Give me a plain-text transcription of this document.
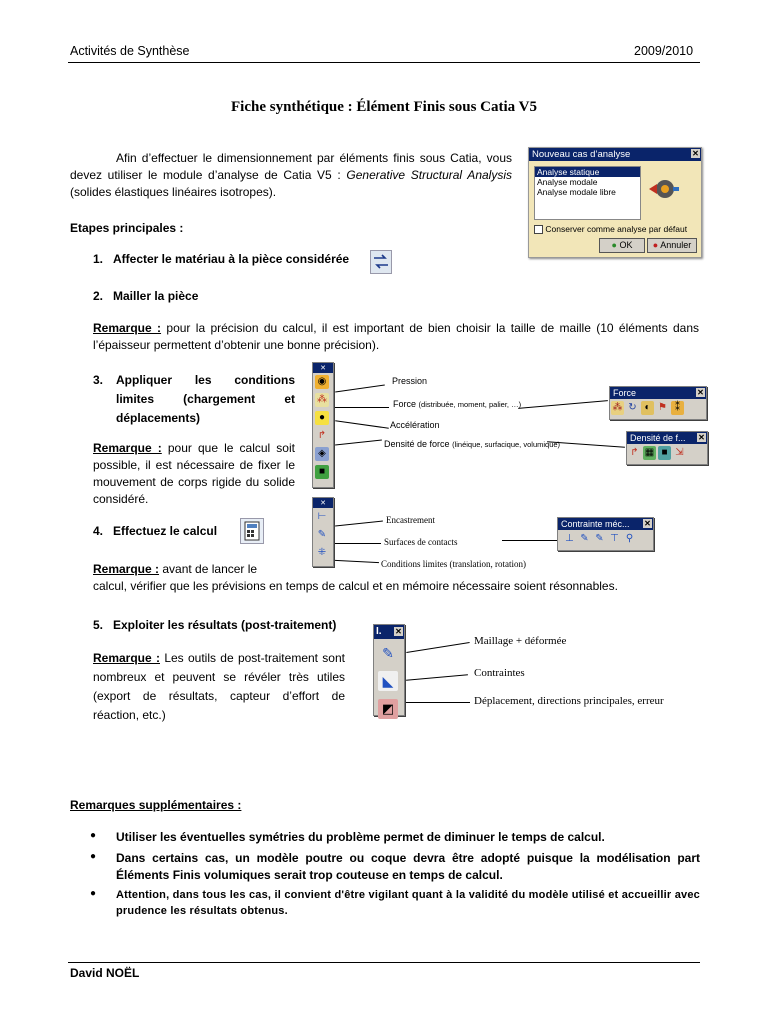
Activités de Synthèse	2009/2010
Fiche synthétique : Élément Finis sous Catia V5
Afin d’effectuer le dimensionnement par éléments finis sous Catia, vous devez utiliser le module d’analyse de Catia V5 : Generative Structural Analysis (solides élastiques linéaires isotropes).
Nouveau cas d’analyse	✕
Analyse statique
Analyse modale
Analyse modale libre
Conserver comme analyse par défaut
● OK	● Annuler
Etapes principales :
1. Affecter le matériau à la pièce considérée
2. Mailler la pièce
Remarque : pour la précision du calcul, il est important de bien choisir la taille de maille (10 éléments dans l’épaisseur permettent d’obtenir une bonne précision).
3.	Appliquer les conditions limites (chargement et déplacements)
Remarque : pour que le calcul soit possible, il est nécessaire de fixer le mouvement de corps rigide du solide considéré.
✕
◉ ⁂ ● ↱ ◈ ■
Pression
Force (distribuée, moment, palier, …)
Accélération
Densité de force (linéique, surfacique, volumique)
Force	✕
⁂ ↻ ◐ ⚑ ⁑
Densité de f... ✕
↱ ▦ ■ ⇲
4. Effectuez le calcul
✕
⊢ ✎ ⁜
Encastrement
Surfaces de contacts
Conditions limites (translation, rotation)
Contrainte méc... ✕
⊥ ✎ ✎ ⊤ ⚲
Remarque : avant de lancer le
calcul, vérifier que les prévisions en temps de calcul et en mémoire nécessaire soient résonnables.
5. Exploiter les résultats (post-traitement)
Remarque : Les outils de post-traitement sont nombreux et peuvent se révéler très utiles (export de résultats, capteur d’effort de réaction, etc.)
I. ✕
✎ ◣ ◩
Maillage + déformée
Contraintes
Déplacement, directions principales, erreur
Remarques supplémentaires :
● Utiliser les éventuelles symétries du problème permet de diminuer le temps de calcul.
● Dans certains cas, un modèle poutre ou coque devra être adopté puisque la modélisation part Éléments Finis volumiques serait trop couteuse en temps de calcul.
● Attention, dans tous les cas, il convient d'être vigilant quant à la validité du modèle utilisé et accueillir avec prudence les résultats obtenus.
David NOËL
